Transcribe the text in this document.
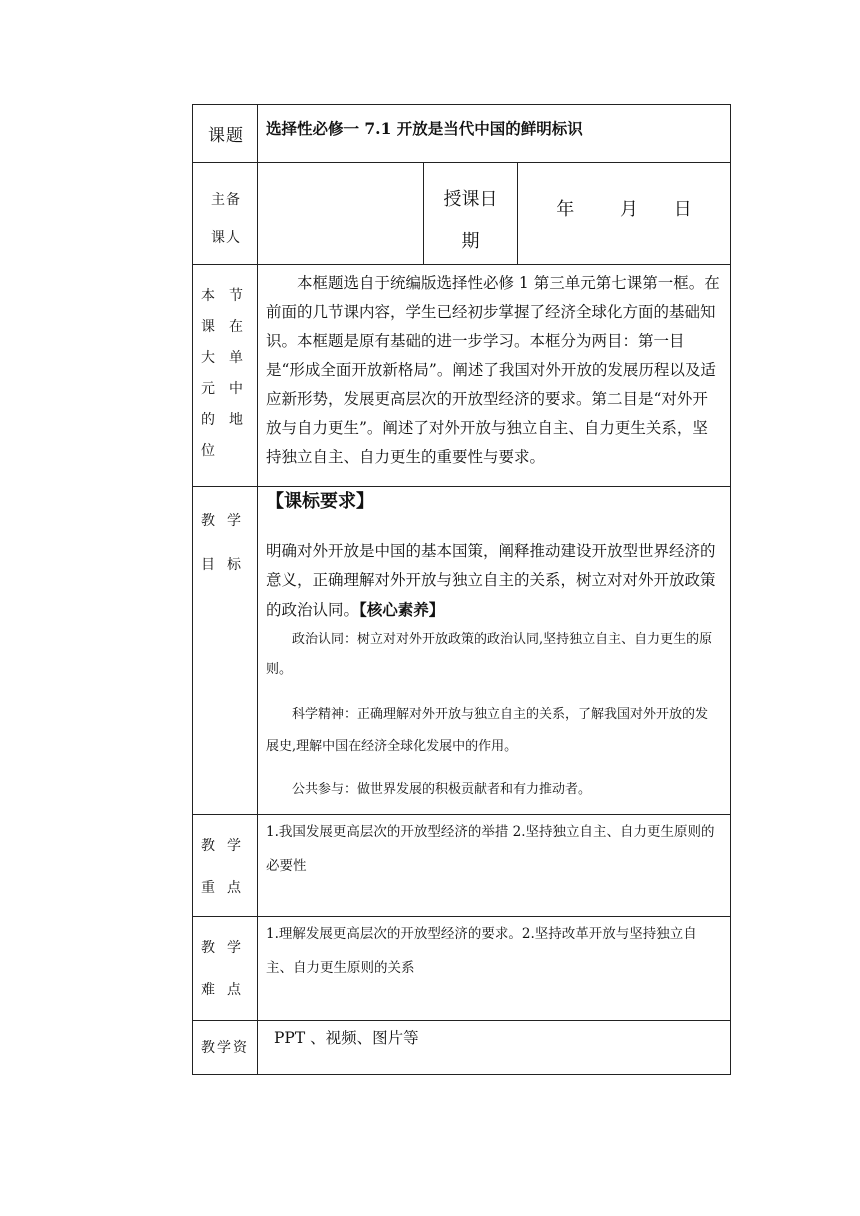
课题	选择性必修一 7.1 开放是当代中国的鲜明标识		

主备课人		授课日期	年 月 日

本节课在大单元中的地位	本框题选自于统编版选择性必修 1 第三单元第七课第一框。在前面的几节课内容，学生已经初步掌握了经济全球化方面的基础知识。本框题是原有基础的进一步学习。本框分为两目：第一目是“形成全面开放新格局”。阐述了我国对外开放的发展历程以及适应新形势，发展更高层次的开放型经济的要求。第二目是“对外开放与自力更生”。阐述了对外开放与独立自主、自力更生关系，坚持独立自主、自力更生的重要性与要求。		

教学目标	【课标要求】

明确对外开放是中国的基本国策，阐释推动建设开放型世界经济的意义，正确理解对外开放与独立自主的关系，树立对对外开放政策的政治认同。【核心素养】

政治认同：树立对对外开放政策的政治认同,坚持独立自主、自力更生的原则。

科学精神：正确理解对外开放与独立自主的关系，了解我国对外开放的发展史,理解中国在经济全球化发展中的作用。

公共参与：做世界发展的积极贡献者和有力推动者。		

教学重点	1.我国发展更高层次的开放型经济的举措 2.坚持独立自主、自力更生原则的必要性		

教学难点	1.理解发展更高层次的开放型经济的要求。2.坚持改革开放与坚持独立自主、自力更生原则的关系		

教学资	PPT 、视频、图片等		
